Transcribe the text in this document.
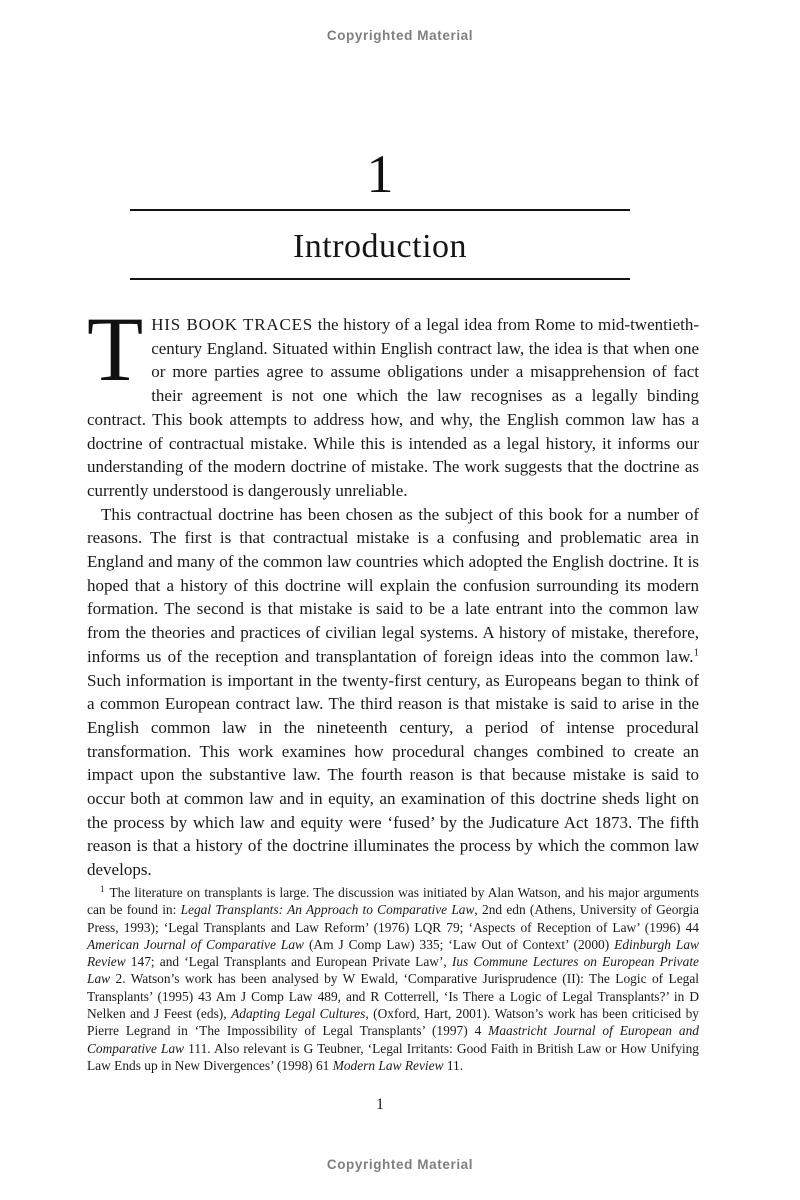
Copyrighted Material
1
Introduction

THIS BOOK TRACES the history of a legal idea from Rome to mid-twentieth-century England. Situated within English contract law, the idea is that when one or more parties agree to assume obligations under a misapprehension of fact their agreement is not one which the law recognises as a legally binding contract. This book attempts to address how, and why, the English common law has a doctrine of contractual mistake. While this is intended as a legal history, it informs our understanding of the modern doctrine of mistake. The work suggests that the doctrine as currently understood is dangerously unreliable.

This contractual doctrine has been chosen as the subject of this book for a number of reasons. The first is that contractual mistake is a confusing and problematic area in England and many of the common law countries which adopted the English doctrine. It is hoped that a history of this doctrine will explain the confusion surrounding its modern formation. The second is that mistake is said to be a late entrant into the common law from the theories and practices of civilian legal systems. A history of mistake, therefore, informs us of the reception and transplantation of foreign ideas into the common law.$^1$ Such information is important in the twenty-first century, as Europeans began to think of a common European contract law. The third reason is that mistake is said to arise in the English common law in the nineteenth century, a period of intense procedural transformation. This work examines how procedural changes combined to create an impact upon the substantive law. The fourth reason is that because mistake is said to occur both at common law and in equity, an examination of this doctrine sheds light on the process by which law and equity were ‘fused’ by the Judicature Act 1873. The fifth reason is that a history of the doctrine illuminates the process by which the common law develops.

$^1$ The literature on transplants is large. The discussion was initiated by Alan Watson, and his major arguments can be found in: Legal Transplants: An Approach to Comparative Law, 2nd edn (Athens, University of Georgia Press, 1993); ‘Legal Transplants and Law Reform’ (1976) LQR 79; ‘Aspects of Reception of Law’ (1996) 44 American Journal of Comparative Law (Am J Comp Law) 335; ‘Law Out of Context’ (2000) Edinburgh Law Review 147; and ‘Legal Transplants and European Private Law’, Ius Commune Lectures on European Private Law 2. Watson’s work has been analysed by W Ewald, ‘Comparative Jurisprudence (II): The Logic of Legal Transplants’ (1995) 43 Am J Comp Law 489, and R Cotterrell, ‘Is There a Logic of Legal Transplants?’ in D Nelken and J Feest (eds), Adapting Legal Cultures, (Oxford, Hart, 2001). Watson’s work has been criticised by Pierre Legrand in ‘The Impossibility of Legal Transplants’ (1997) 4 Maastricht Journal of European and Comparative Law 111. Also relevant is G Teubner, ‘Legal Irritants: Good Faith in British Law or How Unifying Law Ends up in New Divergences’ (1998) 61 Modern Law Review 11.
1
Copyrighted Material
